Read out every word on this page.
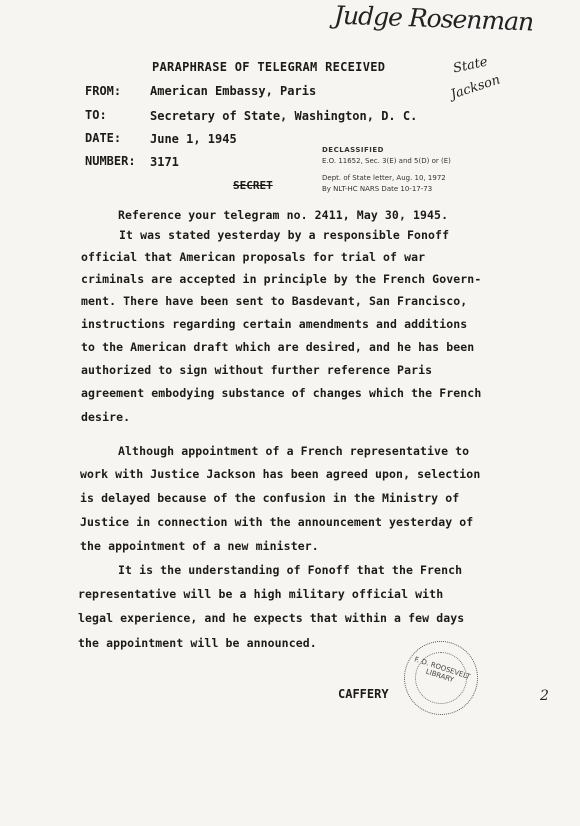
Judge Rosenman
State
Jackson
PARAPHRASE OF TELEGRAM RECEIVED
FROM: American Embassy, Paris
TO:	Secretary of State, Washington, D. C.
DATE: June 1, 1945
NUMBER: 3171
DECLASSIFIED
E.O. 11652, Sec. 3(E) and 5(D) or (E)
Dept. of State letter, Aug. 10, 1972
By NLT-HC NARS Date 10-17-73
SECRET
Reference your telegram no. 2411, May 30, 1945.
It was stated yesterday by a responsible Fonoff
official that American proposals for trial of war
criminals are accepted in principle by the French Govern-
ment. There have been sent to Basdevant, San Francisco,
instructions regarding certain amendments and additions
to the American draft which are desired, and he has been
authorized to sign without further reference Paris
agreement embodying substance of changes which the French
desire.
Although appointment of a French representative to
work with Justice Jackson has been agreed upon, selection
is delayed because of the confusion in the Ministry of
Justice in connection with the announcement yesterday of
the appointment of a new minister.
It is the understanding of Fonoff that the French
representative will be a high military official with
legal experience, and he expects that within a few days
the appointment will be announced.
F. D. ROOSEVELT LIBRARY
CAFFERY	2
